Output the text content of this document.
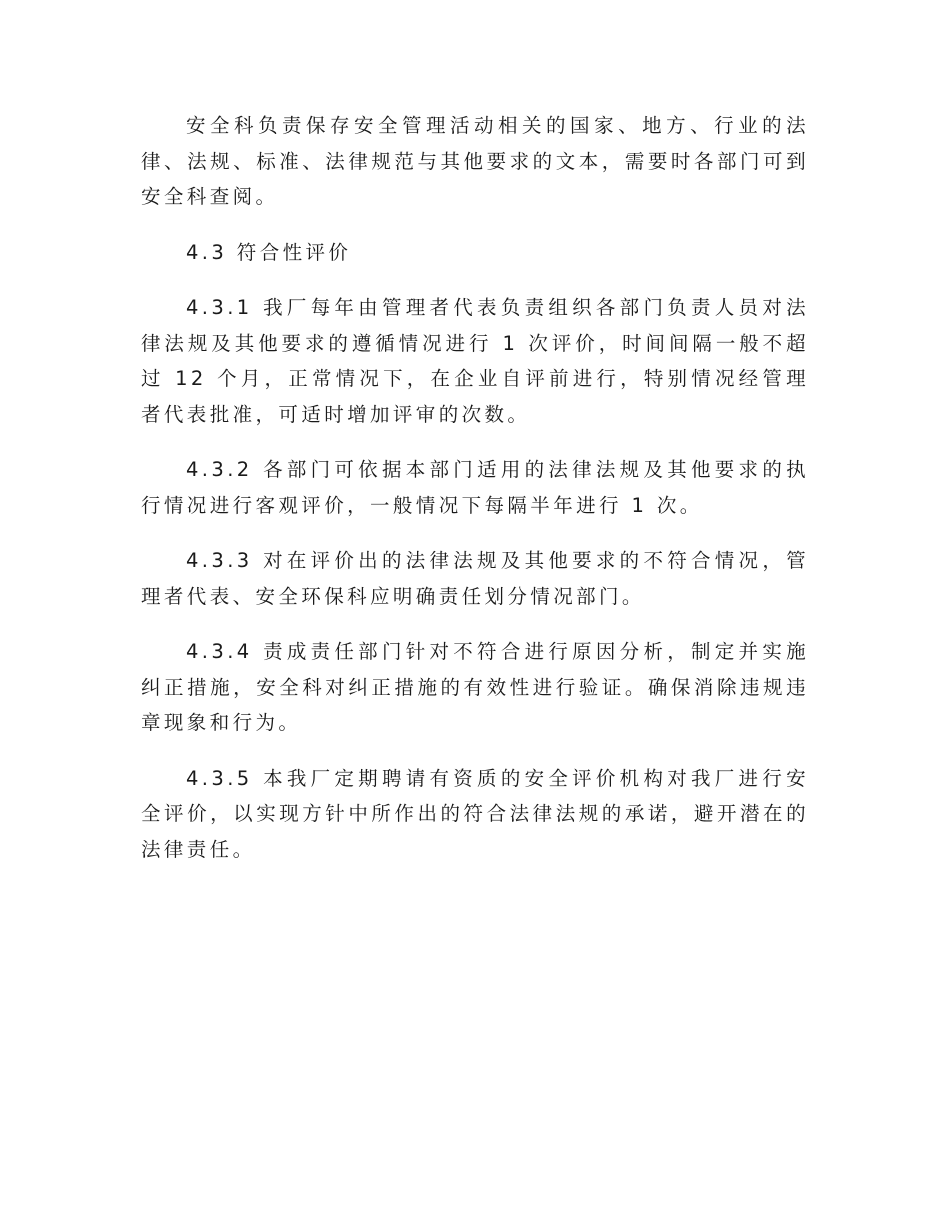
安全科负责保存安全管理活动相关的国家、地方、行业的法律、法规、标准、法律规范与其他要求的文本，需要时各部门可到安全科查阅。

4.3 符合性评价

4.3.1 我厂每年由管理者代表负责组织各部门负责人员对法律法规及其他要求的遵循情况进行 1 次评价，时间间隔一般不超过 12 个月，正常情况下，在企业自评前进行，特别情况经管理者代表批准，可适时增加评审的次数。

4.3.2 各部门可依据本部门适用的法律法规及其他要求的执行情况进行客观评价，一般情况下每隔半年进行 1 次。

4.3.3 对在评价出的法律法规及其他要求的不符合情况，管理者代表、安全环保科应明确责任划分情况部门。

4.3.4 责成责任部门针对不符合进行原因分析，制定并实施纠正措施，安全科对纠正措施的有效性进行验证。确保消除违规违章现象和行为。

4.3.5 本我厂定期聘请有资质的安全评价机构对我厂进行安全评价，以实现方针中所作出的符合法律法规的承诺，避开潜在的法律责任。
